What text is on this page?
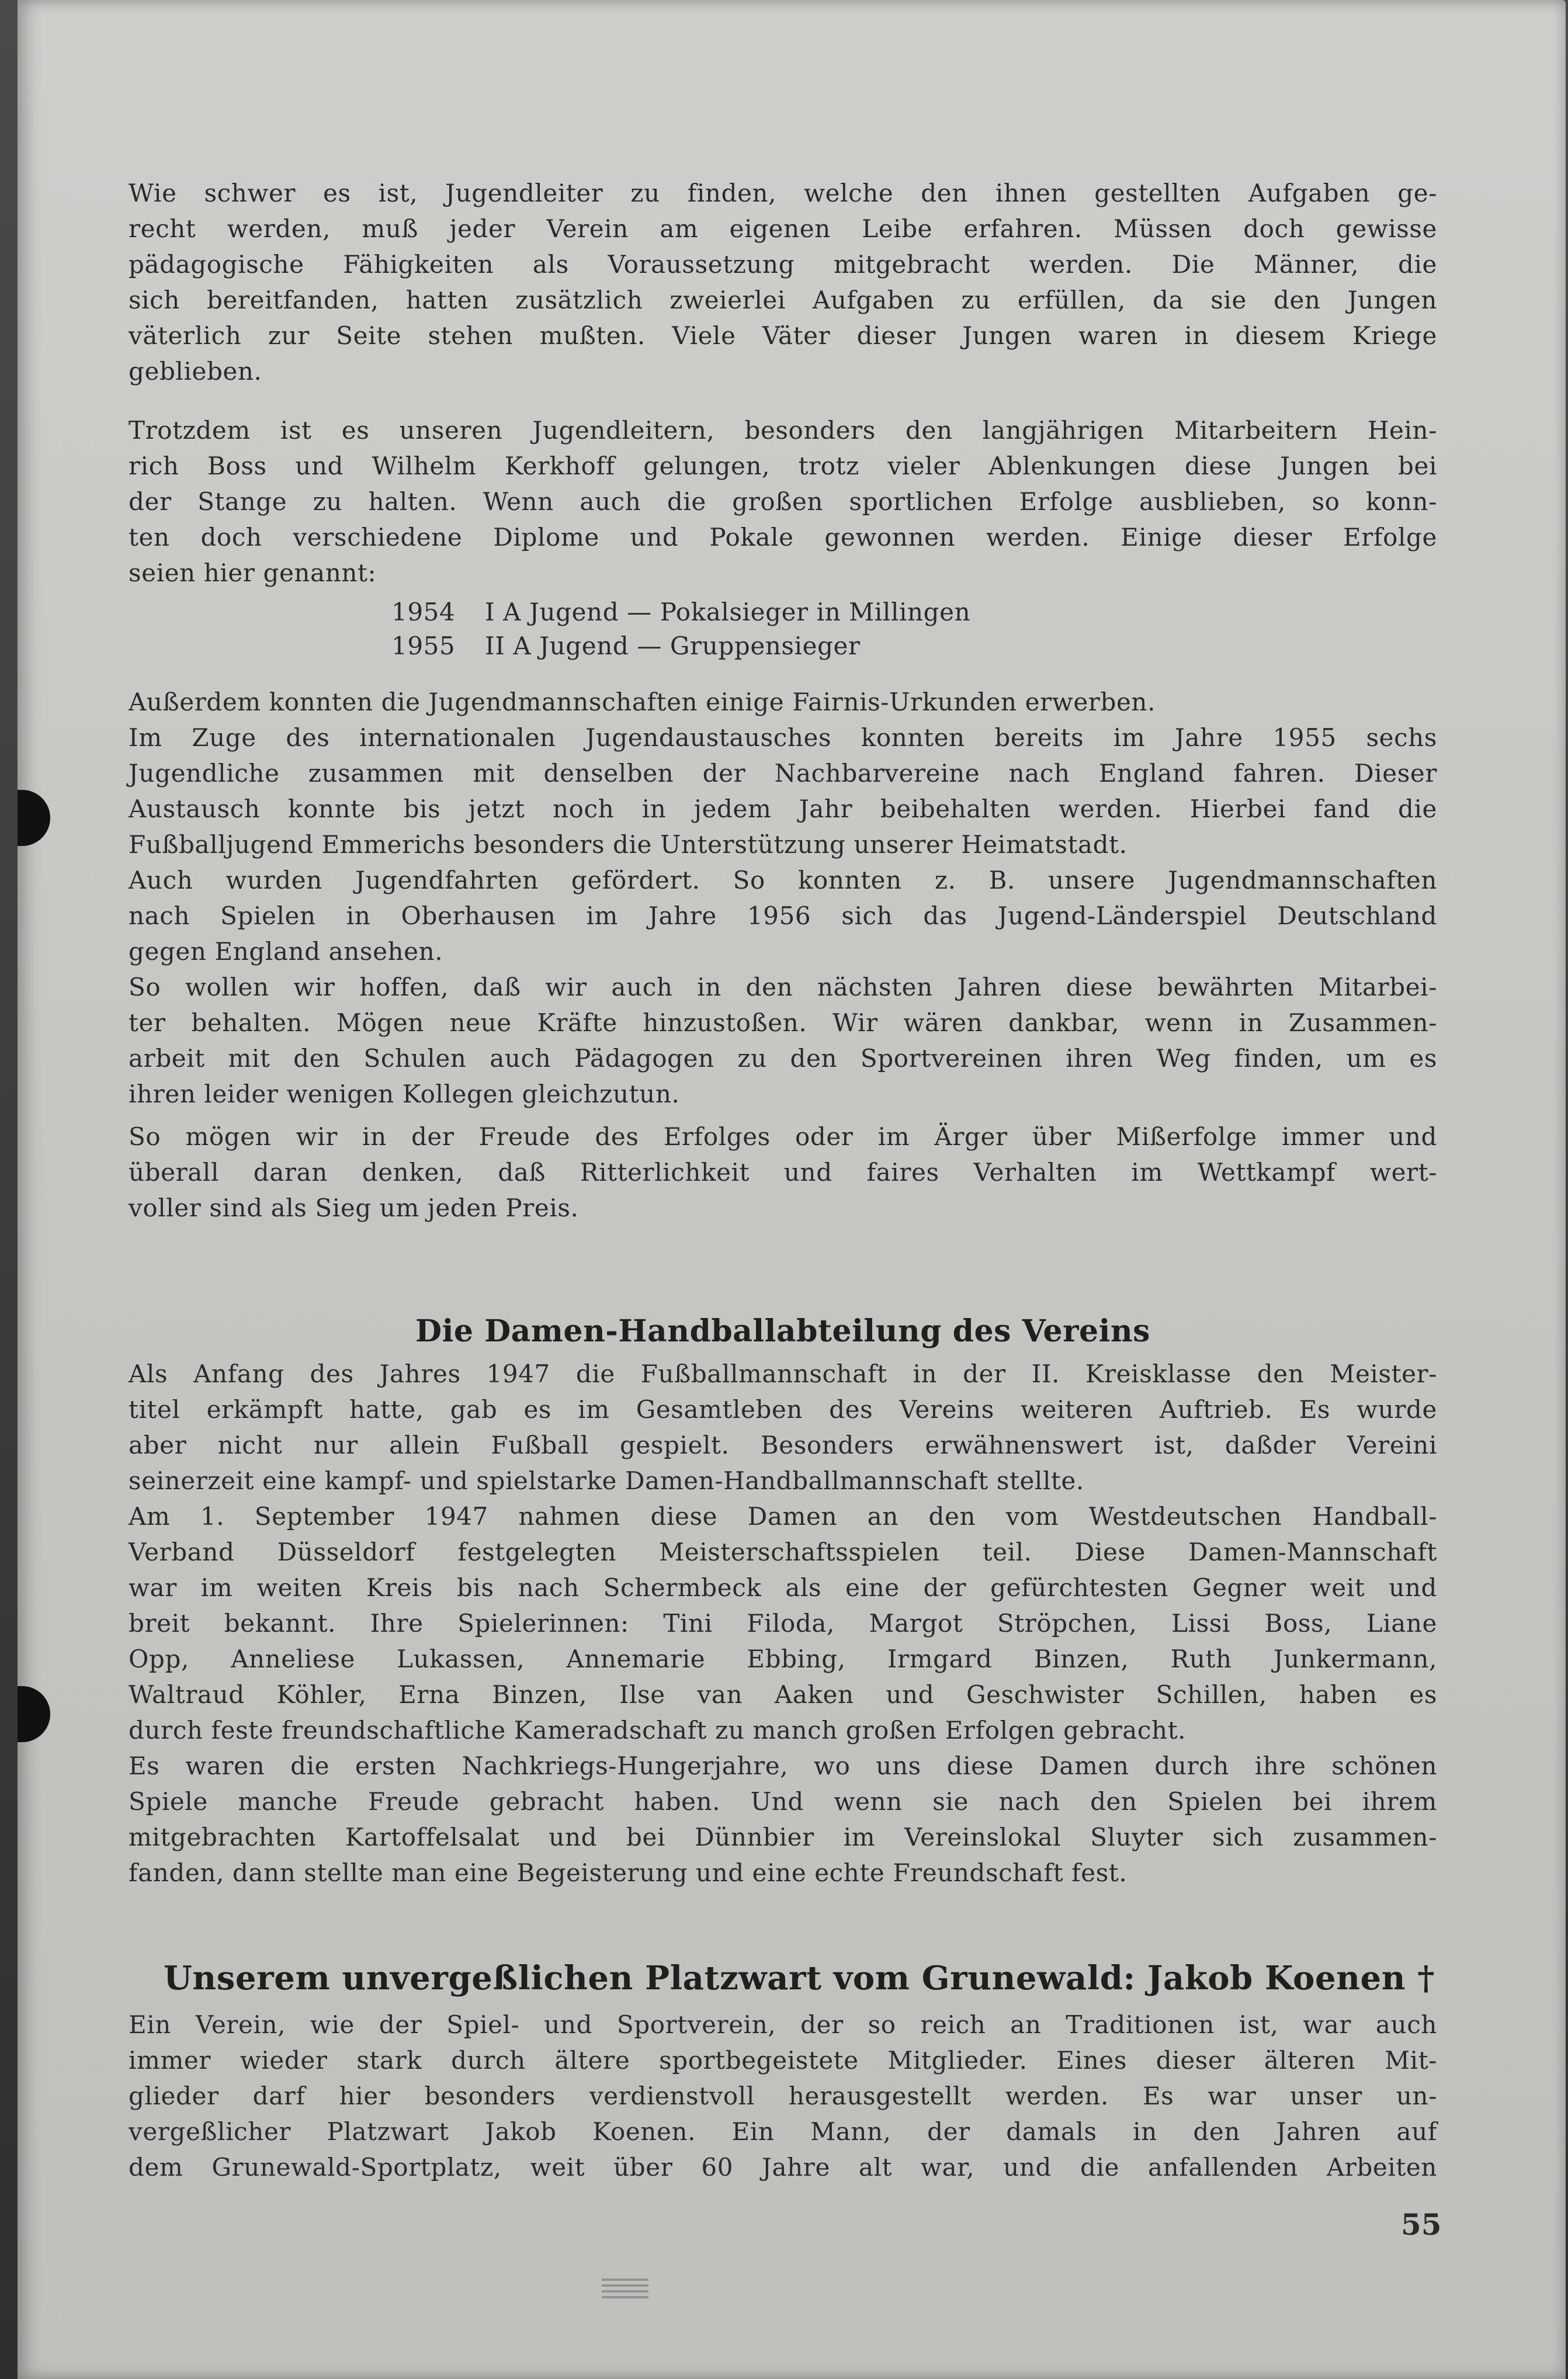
Wie schwer es ist, Jugendleiter zu finden, welche den ihnen gestellten Aufgaben ge-
recht werden, muß jeder Verein am eigenen Leibe erfahren. Müssen doch gewisse
pädagogische Fähigkeiten als Voraussetzung mitgebracht werden. Die Männer, die
sich bereitfanden, hatten zusätzlich zweierlei Aufgaben zu erfüllen, da sie den Jungen
väterlich zur Seite stehen mußten. Viele Väter dieser Jungen waren in diesem Kriege
geblieben.

Trotzdem ist es unseren Jugendleitern, besonders den langjährigen Mitarbeitern Hein-
rich Boss und Wilhelm Kerkhoff gelungen, trotz vieler Ablenkungen diese Jungen bei
der Stange zu halten. Wenn auch die großen sportlichen Erfolge ausblieben, so konn-
ten doch verschiedene Diplome und Pokale gewonnen werden. Einige dieser Erfolge
seien hier genannt:

1954 I A Jugend — Pokalsieger in Millingen
1955 II A Jugend — Gruppensieger

Außerdem konnten die Jugendmannschaften einige Fairnis-Urkunden erwerben.
Im Zuge des internationalen Jugendaustausches konnten bereits im Jahre 1955 sechs
Jugendliche zusammen mit denselben der Nachbarvereine nach England fahren. Dieser
Austausch konnte bis jetzt noch in jedem Jahr beibehalten werden. Hierbei fand die
Fußballjugend Emmerichs besonders die Unterstützung unserer Heimatstadt.
Auch wurden Jugendfahrten gefördert. So konnten z. B. unsere Jugendmannschaften
nach Spielen in Oberhausen im Jahre 1956 sich das Jugend-Länderspiel Deutschland
gegen England ansehen.

So wollen wir hoffen, daß wir auch in den nächsten Jahren diese bewährten Mitarbei-
ter behalten. Mögen neue Kräfte hinzustoßen. Wir wären dankbar, wenn in Zusammen-
arbeit mit den Schulen auch Pädagogen zu den Sportvereinen ihren Weg finden, um es
ihren leider wenigen Kollegen gleichzutun.

So mögen wir in der Freude des Erfolges oder im Ärger über Mißerfolge immer und
überall daran denken, daß Ritterlichkeit und faires Verhalten im Wettkampf wert-
voller sind als Sieg um jeden Preis.

Die Damen-Handballabteilung des Vereins

Als Anfang des Jahres 1947 die Fußballmannschaft in der II. Kreisklasse den Meister-
titel erkämpft hatte, gab es im Gesamtleben des Vereins weiteren Auftrieb. Es wurde
aber nicht nur allein Fußball gespielt. Besonders erwähnenswert ist, daßder Vereini
seinerzeit eine kampf- und spielstarke Damen-Handballmannschaft stellte.

Am 1. September 1947 nahmen diese Damen an den vom Westdeutschen Handball-
Verband Düsseldorf festgelegten Meisterschaftsspielen teil. Diese Damen-Mannschaft
war im weiten Kreis bis nach Schermbeck als eine der gefürchtesten Gegner weit und
breit bekannt. Ihre Spielerinnen: Tini Filoda, Margot Ströpchen, Lissi Boss, Liane
Opp, Anneliese Lukassen, Annemarie Ebbing, Irmgard Binzen, Ruth Junkermann,
Waltraud Köhler, Erna Binzen, Ilse van Aaken und Geschwister Schillen, haben es
durch feste freundschaftliche Kameradschaft zu manch großen Erfolgen gebracht.

Es waren die ersten Nachkriegs-Hungerjahre, wo uns diese Damen durch ihre schönen
Spiele manche Freude gebracht haben. Und wenn sie nach den Spielen bei ihrem
mitgebrachten Kartoffelsalat und bei Dünnbier im Vereinslokal Sluyter sich zusammen-
fanden, dann stellte man eine Begeisterung und eine echte Freundschaft fest.

Unserem unvergeßlichen Platzwart vom Grunewald: Jakob Koenen †

Ein Verein, wie der Spiel- und Sportverein, der so reich an Traditionen ist, war auch
immer wieder stark durch ältere sportbegeistete Mitglieder. Eines dieser älteren Mit-
glieder darf hier besonders verdienstvoll herausgestellt werden. Es war unser un-
vergeßlicher Platzwart Jakob Koenen. Ein Mann, der damals in den Jahren auf
dem Grunewald-Sportplatz, weit über 60 Jahre alt war, und die anfallenden Arbeiten

55
